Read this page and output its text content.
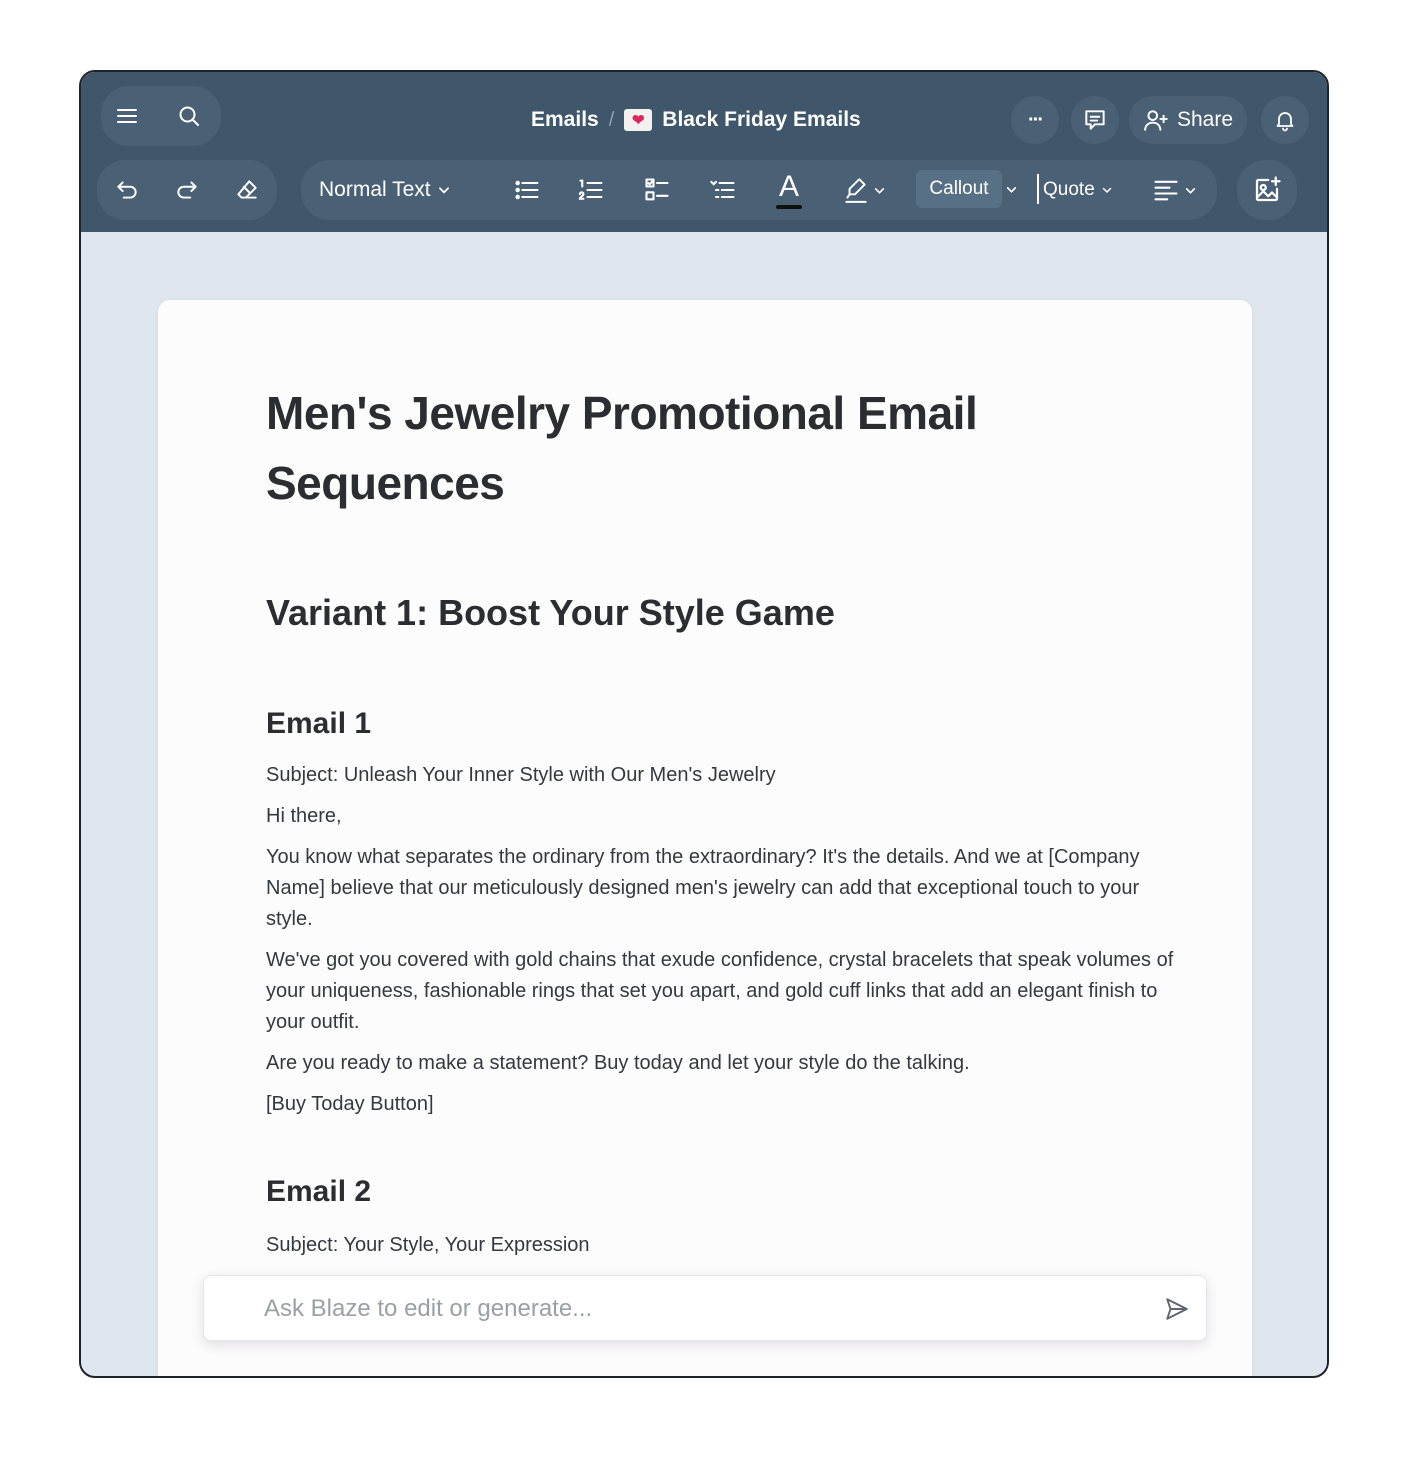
Emails /	❤ Black Friday Emails	···	Share
Normal Text	A	Callout	Quote
Men's Jewelry Promotional Email Sequences
Variant 1: Boost Your Style Game
Email 1

Subject: Unleash Your Inner Style with Our Men's Jewelry

Hi there,

You know what separates the ordinary from the extraordinary? It's the details. And we at [Company Name] believe that our meticulously designed men's jewelry can add that exceptional touch to your style.

We've got you covered with gold chains that exude confidence, crystal bracelets that speak volumes of your uniqueness, fashionable rings that set you apart, and gold cuff links that add an elegant finish to your outfit.

Are you ready to make a statement? Buy today and let your style do the talking.

[Buy Today Button]

Email 2

Subject: Your Style, Your Expression

Ask Blaze to edit or generate...
